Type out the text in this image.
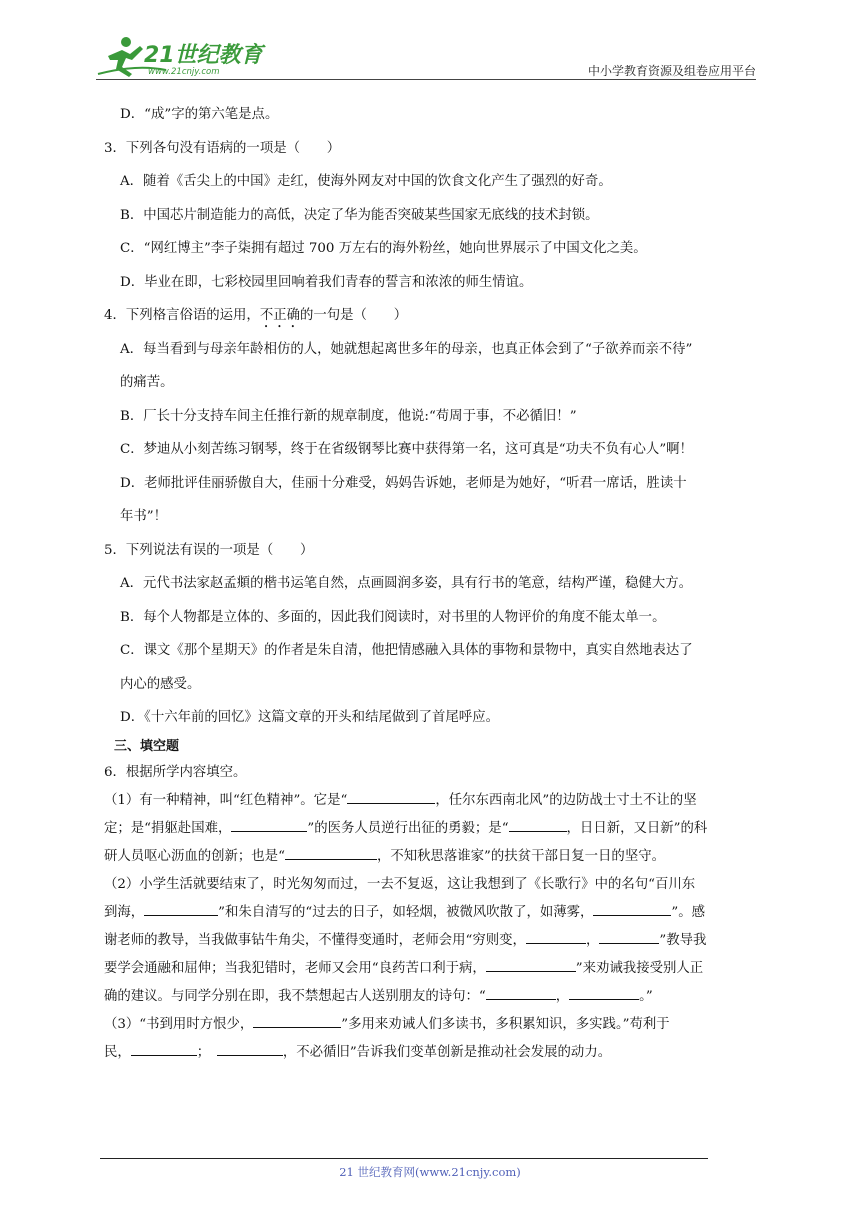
21世纪教育
www.21cnjy.com	中小学教育资源及组卷应用平台
D．“成”字的第六笔是点。
3．下列各句没有语病的一项是（　　）
A．随着《舌尖上的中国》走红，使海外网友对中国的饮食文化产生了强烈的好奇。
B．中国芯片制造能力的高低，决定了华为能否突破某些国家无底线的技术封锁。
C．“网红博主”李子柒拥有超过 700 万左右的海外粉丝，她向世界展示了中国文化之美。
D．毕业在即，七彩校园里回响着我们青春的誓言和浓浓的师生情谊。
4．下列格言俗语的运用，不正确的一句是（　　）
A．每当看到与母亲年龄相仿的人，她就想起离世多年的母亲，也真正体会到了“子欲养而亲不待”
的痛苦。
B．厂长十分支持车间主任推行新的规章制度，他说:“苟周于事，不必循旧！”
C．梦迪从小刻苦练习钢琴，终于在省级钢琴比赛中获得第一名，这可真是“功夫不负有心人”啊！
D．老师批评佳丽骄傲自大，佳丽十分难受，妈妈告诉她，老师是为她好，“听君一席话，胜读十
年书”！
5．下列说法有误的一项是（　　）
A．元代书法家赵孟頫的楷书运笔自然，点画圆润多姿，具有行书的笔意，结构严谨，稳健大方。
B．每个人物都是立体的、多面的，因此我们阅读时，对书里的人物评价的角度不能太单一。
C．课文《那个星期天》的作者是朱自清，他把情感融入具体的事物和景物中，真实自然地表达了
内心的感受。
D．《十六年前的回忆》这篇文章的开头和结尾做到了首尾呼应。
三、填空题
6．根据所学内容填空。
（1）有一种精神，叫“红色精神”。它是“	，任尔东西南北风”的边防战士寸土不让的坚
定；是“捐躯赴国难，	”的医务人员逆行出征的勇毅；是“	，日日新，又日新”的科
研人员呕心沥血的创新；也是“	，不知秋思落谁家”的扶贫干部日复一日的坚守。
（2）小学生活就要结束了，时光匆匆而过，一去不复返，这让我想到了《长歌行》中的名句“百川东
到海，	”和朱自清写的“过去的日子，如轻烟，被微风吹散了，如薄雾，	”。感
谢老师的教导，当我做事钻牛角尖，不懂得变通时，老师会用“穷则变，	，	”教导我
要学会通融和屈伸；当我犯错时，老师又会用“良药苦口利于病，	”来劝诫我接受别人正
确的建议。与同学分别在即，我不禁想起古人送别朋友的诗句：“	，	。”
（3）“书到用时方恨少，	”多用来劝诫人们多读书，多积累知识，多实践。”苟利于
民，	；　	，不必循旧”告诉我们变革创新是推动社会发展的动力。
21 世纪教育网(www.21cnjy.com)
